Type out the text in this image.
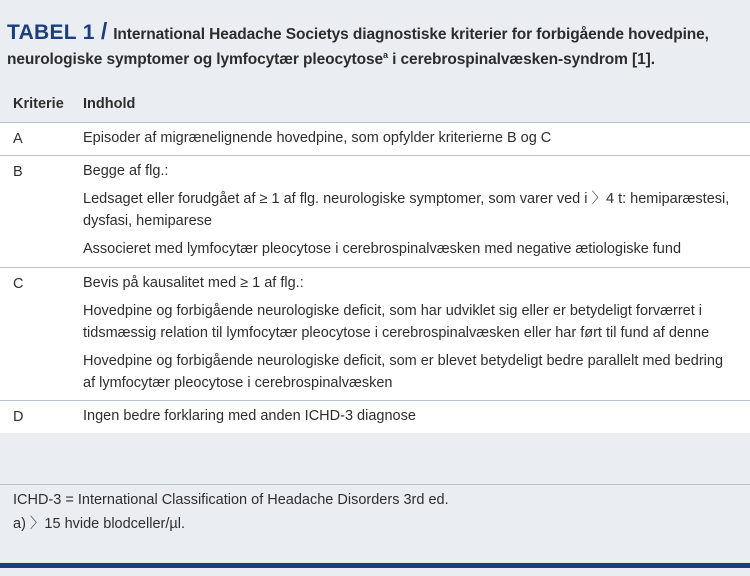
TABEL 1 / International Headache Societys diagnostiske kriterier for forbigående hovedpine, neurologiske symptomer og lymfocytær pleocytose$^a$ i cerebrospinalvæsken-syndrom [1].
Kriterie	Indhold
A	Episoder af migrænelignende hovedpine, som opfylder kriterierne B og C
B	Begge af flg.:
Ledsaget eller forudgået af ≥ 1 af flg. neurologiske symptomer, som varer ved i 〉4 t: hemiparæstesi, dysfasi, hemiparese
Associeret med lymfocytær pleocytose i cerebrospinalvæsken med negative ætiologiske fund
C	Bevis på kausalitet med ≥ 1 af flg.:
Hovedpine og forbigående neurologiske deficit, som har udviklet sig eller er betydeligt forværret i tidsmæssig relation til lymfocytær pleocytose i cerebrospinalvæsken eller har ført til fund af denne
Hovedpine og forbigående neurologiske deficit, som er blevet betydeligt bedre parallelt med bedring af lymfocytær pleocytose i cerebrospinalvæsken
D	Ingen bedre forklaring med anden ICHD-3 diagnose
ICHD-3 = International Classification of Headache Disorders 3rd ed.
a) 〉15 hvide blodceller/µl.
